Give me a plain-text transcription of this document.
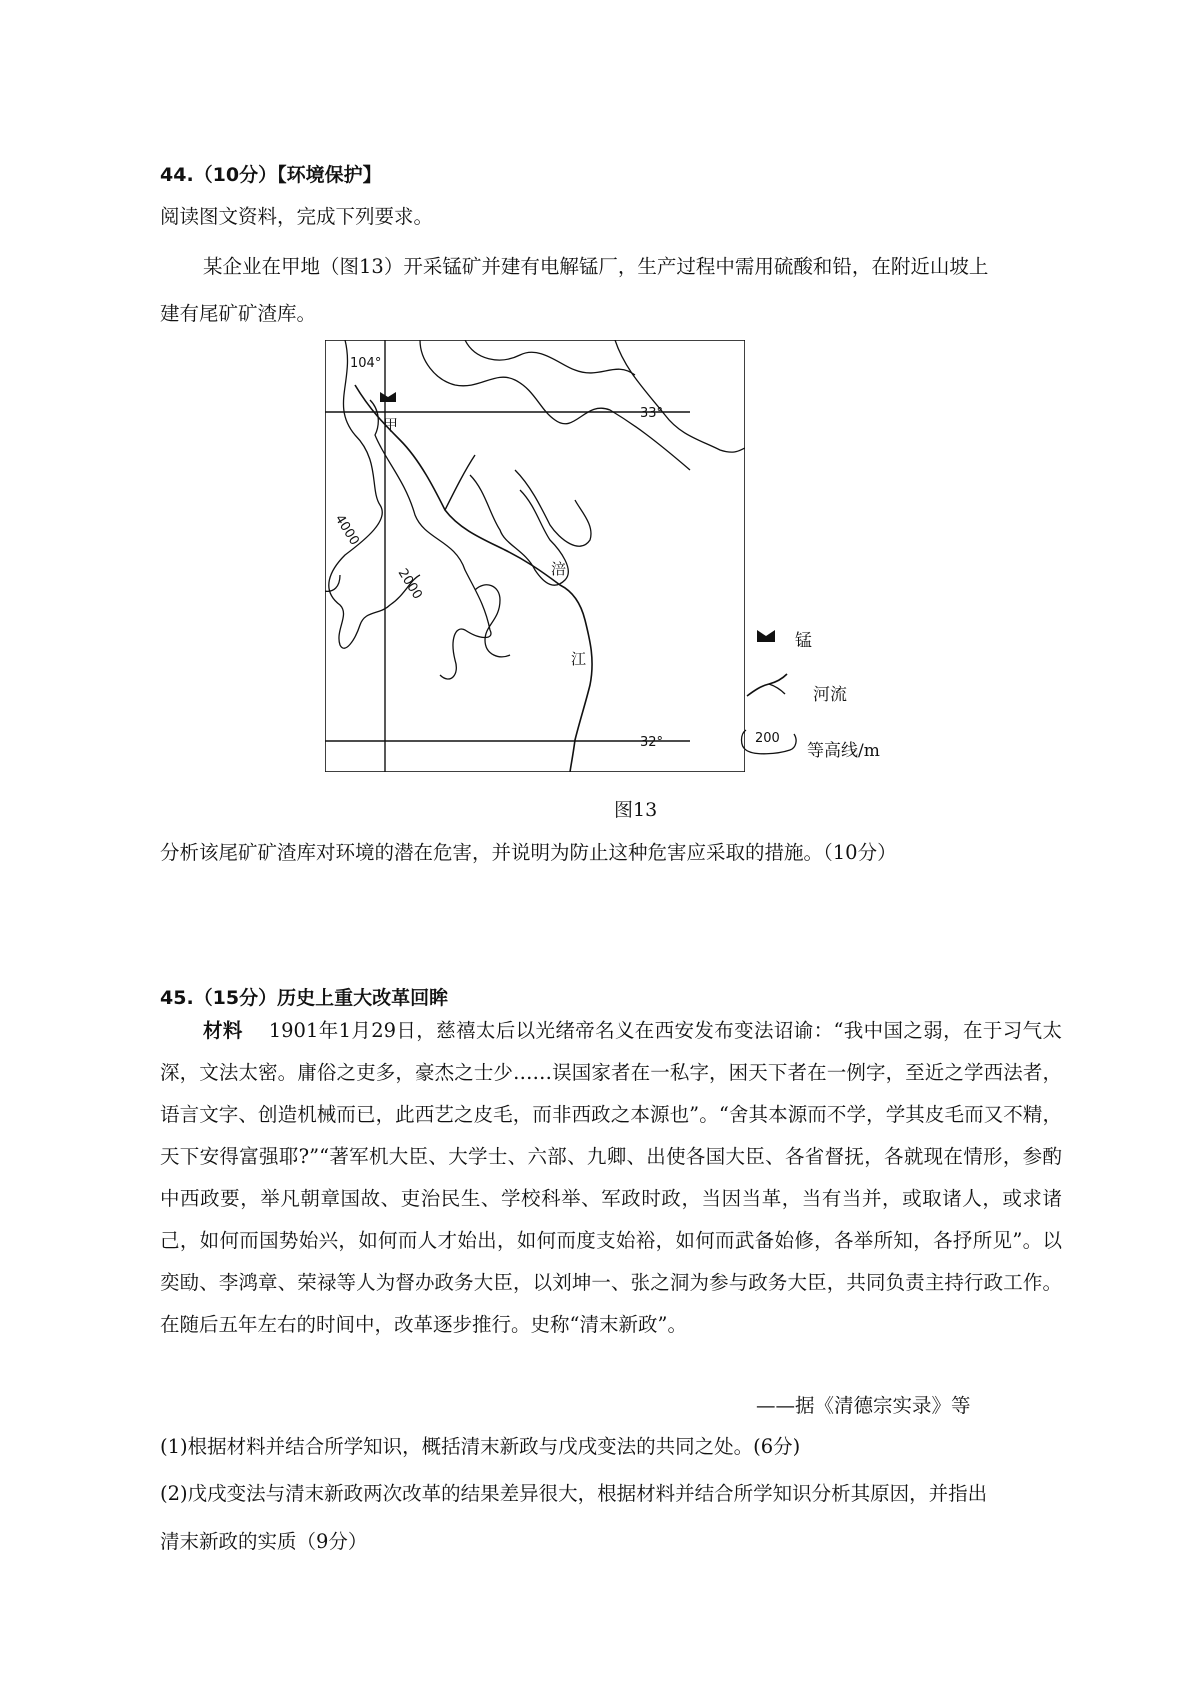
44.（10分）【环境保护】
阅读图文资料，完成下列要求。
某企业在甲地（图13）开采锰矿并建有电解锰厂，生产过程中需用硫酸和铅，在附近山坡上
建有尾矿矿渣库。
104°
33°
32°
甲
4000
2000	涪
江
锰
河流
200
等高线/m
图13
分析该尾矿矿渣库对环境的潜在危害，并说明为防止这种危害应采取的措施。（10分）
45.（15分）历史上重大改革回眸
材料 1901年1月29日，慈禧太后以光绪帝名义在西安发布变法诏谕：“我中国之弱，在于习气太深，文法太密。庸俗之吏多，豪杰之士少……误国家者在一私字，困天下者在一例字，至近之学西法者，语言文字、创造机械而已，此西艺之皮毛，而非西政之本源也”。“舍其本源而不学，学其皮毛而又不精，天下安得富强耶?”“著军机大臣、大学士、六部、九卿、出使各国大臣、各省督抚，各就现在情形，参酌中西政要，举凡朝章国故、吏治民生、学校科举、军政时政，当因当革，当有当并，或取诸人，或求诸己，如何而国势始兴，如何而人才始出，如何而度支始裕，如何而武备始修，各举所知，各抒所见”。以奕劻、李鸿章、荣禄等人为督办政务大臣，以刘坤一、张之洞为参与政务大臣，共同负责主持行政工作。在随后五年左右的时间中，改革逐步推行。史称“清末新政”。
——据《清德宗实录》等
(1)根据材料并结合所学知识，概括清末新政与戊戌变法的共同之处。(6分)
(2)戊戌变法与清末新政两次改革的结果差异很大，根据材料并结合所学知识分析其原因，并指出
清末新政的实质（9分）
